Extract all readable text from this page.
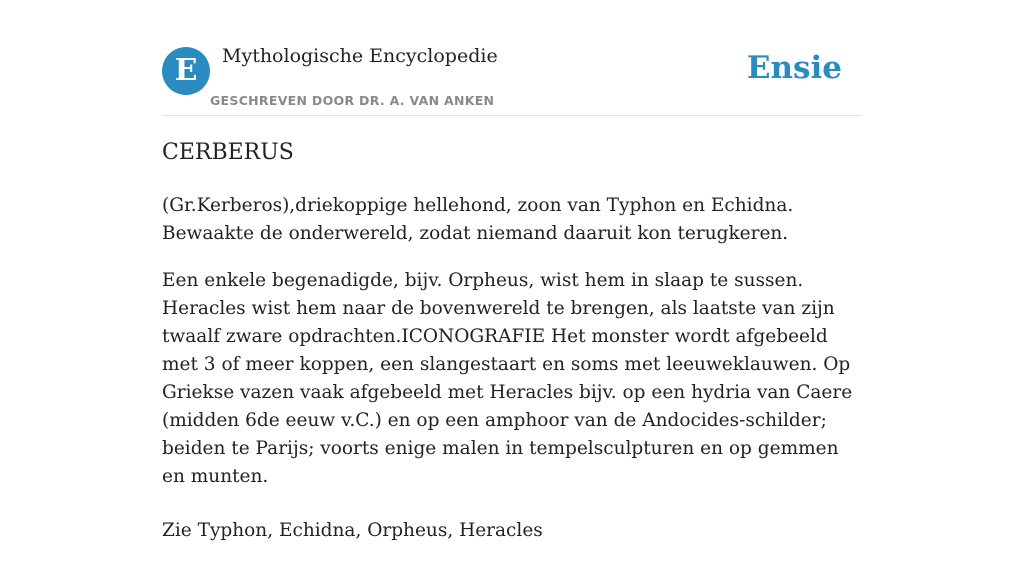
E	Mythologische Encyclopedie
GESCHREVEN DOOR DR. A. VAN ANKEN
Ensie
CERBERUS

(Gr.Kerberos),driekoppige hellehond, zoon van Typhon en Echidna. Bewaakte de onderwereld, zodat niemand daaruit kon terugkeren.

Een enkele begenadigde, bijv. Orpheus, wist hem in slaap te sussen. Heracles wist hem naar de bovenwereld te brengen, als laatste van zijn twaalf zware opdrachten.ICONOGRAFIE Het monster wordt afgebeeld met 3 of meer koppen, een slangestaart en soms met leeuweklauwen. Op Griekse vazen vaak afgebeeld met Heracles bijv. op een hydria van Caere (midden 6de eeuw v.C.) en op een amphoor van de Andocides-schilder; beiden te Parijs; voorts enige malen in tempelsculpturen en op gemmen en munten.

Zie Typhon, Echidna, Orpheus, Heracles
